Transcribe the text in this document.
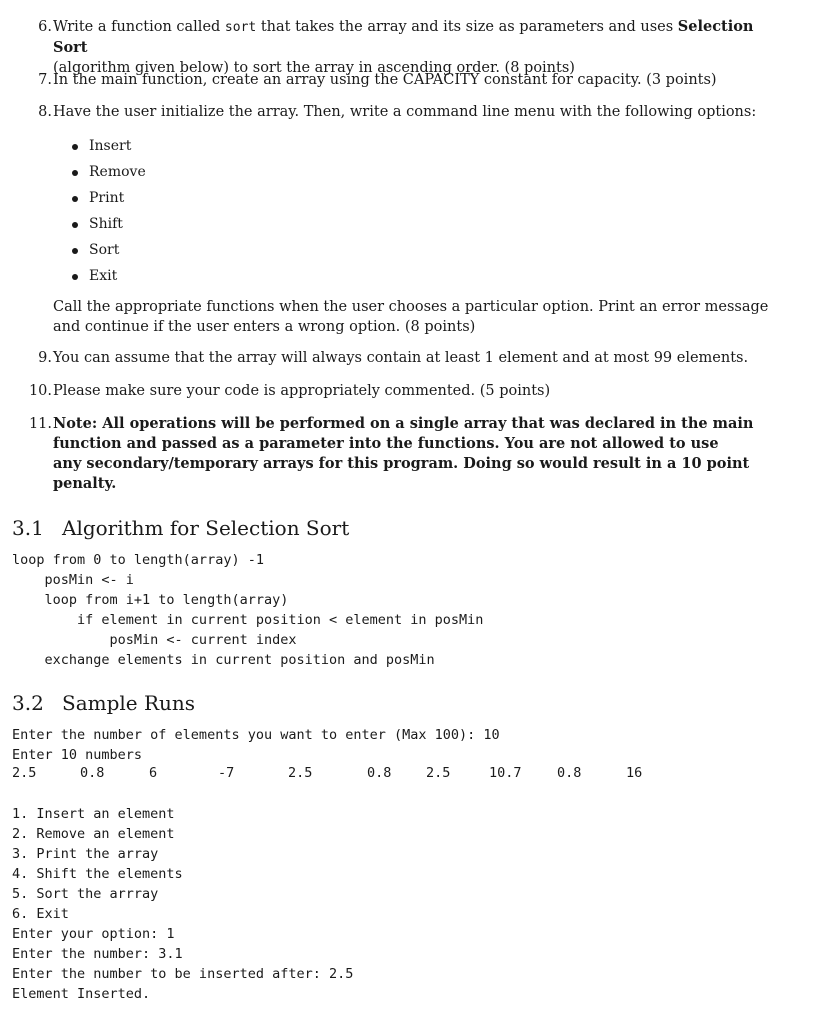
6. Write a function called sort that takes the array and its size as parameters and uses Selection Sort
(algorithm given below) to sort the array in ascending order. (8 points)
7. In the main function, create an array using the CAPACITY constant for capacity. (3 points)
8. Have the user initialize the array. Then, write a command line menu with the following options:
Insert
Remove
Print
Shift
Sort
Exit
Call the appropriate functions when the user chooses a particular option. Print an error message
and continue if the user enters a wrong option. (8 points)
9. You can assume that the array will always contain at least 1 element and at most 99 elements.
10. Please make sure your code is appropriately commented. (5 points)
11. Note: All operations will be performed on a single array that was declared in the main
function and passed as a parameter into the functions. You are not allowed to use
any secondary/temporary arrays for this program. Doing so would result in a 10 point
penalty.
3.1 Algorithm for Selection Sort
loop from 0 to length(array) -1
posMin <- i
loop from i+1 to length(array)
if element in current position < element in posMin
posMin <- current index
exchange elements in current position and posMin
3.2 Sample Runs
Enter the number of elements you want to enter (Max 100): 10
Enter 10 numbers
2.5	0.8	6	-7	2.5	0.8	2.5	10.7	0.8	16
1. Insert an element
2. Remove an element
3. Print the array
4. Shift the elements
5. Sort the arrray
6. Exit
Enter your option: 1
Enter the number: 3.1
Enter the number to be inserted after: 2.5
Element Inserted.
